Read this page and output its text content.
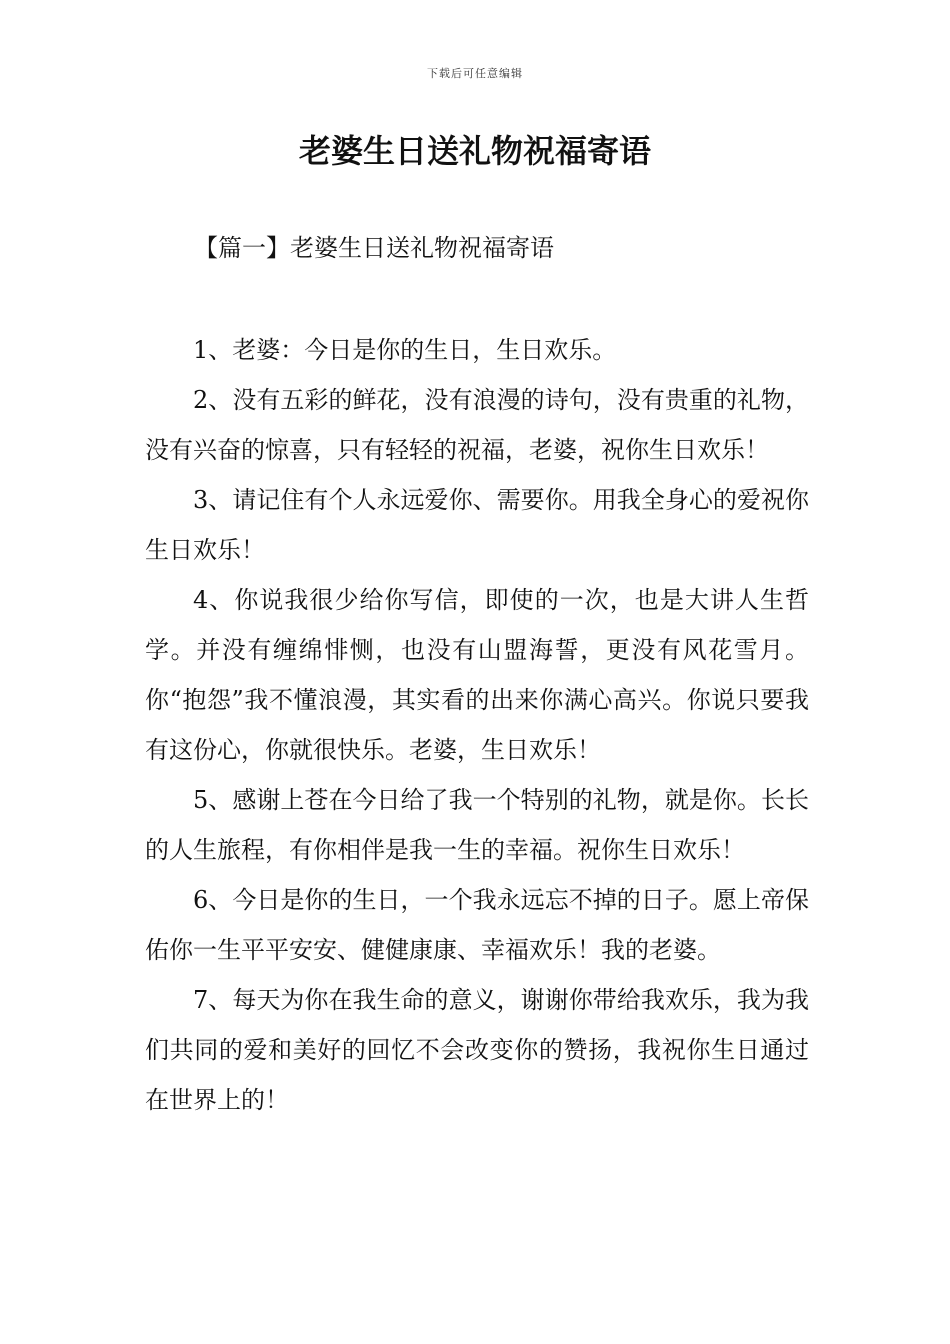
下载后可任意编辑
老婆生日送礼物祝福寄语
【篇一】老婆生日送礼物祝福寄语

1、老婆：今日是你的生日，生日欢乐。

2、没有五彩的鲜花，没有浪漫的诗句，没有贵重的礼物，没有兴奋的惊喜，只有轻轻的祝福，老婆，祝你生日欢乐！

3、请记住有个人永远爱你、需要你。用我全身心的爱祝你生日欢乐！

4、你说我很少给你写信，即使的一次，也是大讲人生哲学。并没有缠绵悱恻，也没有山盟海誓，更没有风花雪月。你“抱怨”我不懂浪漫，其实看的出来你满心高兴。你说只要我有这份心，你就很快乐。老婆，生日欢乐！

5、感谢上苍在今日给了我一个特别的礼物，就是你。长长的人生旅程，有你相伴是我一生的幸福。祝你生日欢乐！

6、今日是你的生日，一个我永远忘不掉的日子。愿上帝保佑你一生平平安安、健健康康、幸福欢乐！我的老婆。

7、每天为你在我生命的意义，谢谢你带给我欢乐，我为我们共同的爱和美好的回忆不会改变你的赞扬，我祝你生日通过在世界上的！
